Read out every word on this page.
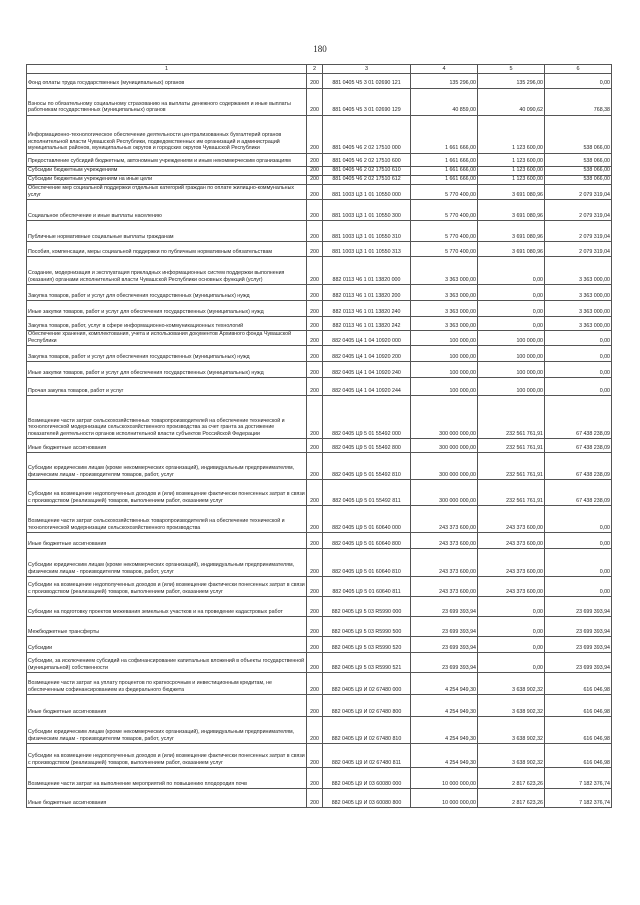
180
1	2	3	4	5	6
Фонд оплаты труда государственных (муниципальных) органов	200	881 0405 Ч5 3 01 02690 121	135 296,00	135 296,00	0,00
Взносы по обязательному социальному страхованию на выплаты денежного содержания и иные выплаты работникам государственных (муниципальных) органов	200	881 0405 Ч5 3 01 02690 129	40 859,00	40 090,62	768,38
Информационно-технологическое обеспечение деятельности централизованных бухгалтерий органов исполнительной власти Чувашской Республики, подведомственных им организаций и администраций муниципальных районов, муниципальных округов и городских округов Чувашской Республики	200	881 0405 Ч6 2 02 17510 000	1 661 666,00	1 123 600,00	538 066,00
Предоставление субсидий бюджетным, автономным учреждениям и иным некоммерческим организациям	200	881 0405 Ч6 2 02 17510 600	1 661 666,00	1 123 600,00	538 066,00
Субсидии бюджетным учреждениям	200	881 0405 Ч6 2 02 17510 610	1 661 666,00	1 123 600,00	538 066,00
Субсидии бюджетным учреждениям на иные цели	200	881 0405 Ч6 2 02 17510 612	1 661 666,00	1 123 600,00	538 066,00
Обеспечение мер социальной поддержки отдельных категорий граждан по оплате жилищно-коммунальных услуг	200	881 1003 Ц3 1 01 10550 000	5 770 400,00	3 691 080,96	2 079 319,04
Социальное обеспечение и иные выплаты населению	200	881 1003 Ц3 1 01 10550 300	5 770 400,00	3 691 080,96	2 079 319,04
Публичные нормативные социальные выплаты гражданам	200	881 1003 Ц3 1 01 10550 310	5 770 400,00	3 691 080,96	2 079 319,04
Пособия, компенсации, меры социальной поддержки по публичным нормативным обязательствам	200	881 1003 Ц3 1 01 10550 313	5 770 400,00	3 691 080,96	2 079 319,04
Создание, модернизация и эксплуатация прикладных информационных систем поддержки выполнения (оказания) органами исполнительной власти Чувашской Республики основных функций (услуг)	200	882 0113 Ч6 1 01 13820 000	3 363 000,00	0,00	3 363 000,00
Закупка товаров, работ и услуг для обеспечения государственных (муниципальных) нужд	200	882 0113 Ч6 1 01 13820 200	3 363 000,00	0,00	3 363 000,00
Иные закупки товаров, работ и услуг для обеспечения государственных (муниципальных) нужд	200	882 0113 Ч6 1 01 13820 240	3 363 000,00	0,00	3 363 000,00
Закупка товаров, работ, услуг в сфере информационно-коммуникационных технологий	200	882 0113 Ч6 1 01 13820 242	3 363 000,00	0,00	3 363 000,00
Обеспечение хранения, комплектования, учета и использования документов Архивного фонда Чувашской Республики	200	882 0405 Ц4 1 04 10920 000	100 000,00	100 000,00	0,00
Закупка товаров, работ и услуг для обеспечения государственных (муниципальных) нужд	200	882 0405 Ц4 1 04 10920 200	100 000,00	100 000,00	0,00
Иные закупки товаров, работ и услуг для обеспечения государственных (муниципальных) нужд	200	882 0405 Ц4 1 04 10920 240	100 000,00	100 000,00	0,00
Прочая закупка товаров, работ и услуг	200	882 0405 Ц4 1 04 10920 244	100 000,00	100 000,00	0,00
Возмещение части затрат сельскохозяйственных товаропроизводителей на обеспечение технической и технологической модернизации сельскохозяйственного производства за счет гранта за достижение показателей деятельности органов исполнительной власти субъектов Российской Федерации	200	882 0405 Ц9 5 01 55492 000	300 000 000,00	232 561 761,91	67 438 238,09
Иные бюджетные ассигнования	200	882 0405 Ц9 5 01 55492 800	300 000 000,00	232 561 761,91	67 438 238,09
Субсидии юридическим лицам (кроме некоммерческих организаций), индивидуальным предпринимателям, физическим лицам - производителям товаров, работ, услуг	200	882 0405 Ц9 5 01 55492 810	300 000 000,00	232 561 761,91	67 438 238,09
Субсидии на возмещение недополученных доходов и (или) возмещение фактически понесенных затрат в связи с производством (реализацией) товаров, выполнением работ, оказанием услуг	200	882 0405 Ц9 5 01 55492 811	300 000 000,00	232 561 761,91	67 438 238,09
Возмещение части затрат сельскохозяйственных товаропроизводителей на обеспечение технической и технологической модернизации сельскохозяйственного производства	200	882 0405 Ц9 5 01 60640 000	243 373 600,00	243 373 600,00	0,00
Иные бюджетные ассигнования	200	882 0405 Ц9 5 01 60640 800	243 373 600,00	243 373 600,00	0,00
Субсидии юридическим лицам (кроме некоммерческих организаций), индивидуальным предпринимателям, физическим лицам - производителям товаров, работ, услуг	200	882 0405 Ц9 5 01 60640 810	243 373 600,00	243 373 600,00	0,00
Субсидии на возмещение недополученных доходов и (или) возмещение фактически понесенных затрат в связи с производством (реализацией) товаров, выполнением работ, оказанием услуг	200	882 0405 Ц9 5 01 60640 811	243 373 600,00	243 373 600,00	0,00
Субсидии на подготовку проектов межевания земельных участков и на проведение кадастровых работ	200	882 0405 Ц9 5 03 R5990 000	23 699 393,94	0,00	23 699 393,94
Межбюджетные трансферты	200	882 0405 Ц9 5 03 R5990 500	23 699 393,94	0,00	23 699 393,94
Субсидии	200	882 0405 Ц9 5 03 R5990 520	23 699 393,94	0,00	23 699 393,94
Субсидии, за исключением субсидий на софинансирование капитальных вложений в объекты государственной (муниципальной) собственности	200	882 0405 Ц9 5 03 R5990 521	23 699 393,94	0,00	23 699 393,94
Возмещение части затрат на уплату процентов по краткосрочным и инвестиционным кредитам, не обеспеченным софинансированием из федерального бюджета	200	882 0405 Ц9 И 02 67480 000	4 254 949,30	3 638 902,32	616 046,98
Иные бюджетные ассигнования	200	882 0405 Ц9 И 02 67480 800	4 254 949,30	3 638 902,32	616 046,98
Субсидии юридическим лицам (кроме некоммерческих организаций), индивидуальным предпринимателям, физическим лицам - производителям товаров, работ, услуг	200	882 0405 Ц9 И 02 67480 810	4 254 949,30	3 638 902,32	616 046,98
Субсидии на возмещение недополученных доходов и (или) возмещение фактически понесенных затрат в связи с производством (реализацией) товаров, выполнением работ, оказанием услуг	200	882 0405 Ц9 И 02 67480 811	4 254 949,30	3 638 902,32	616 046,98
Возмещение части затрат на выполнение мероприятий по повышению плодородия почв	200	882 0405 Ц9 И 03 60080 000	10 000 000,00	2 817 623,26	7 182 376,74
Иные бюджетные ассигнования	200	882 0405 Ц9 И 03 60080 800	10 000 000,00	2 817 623,26	7 182 376,74
